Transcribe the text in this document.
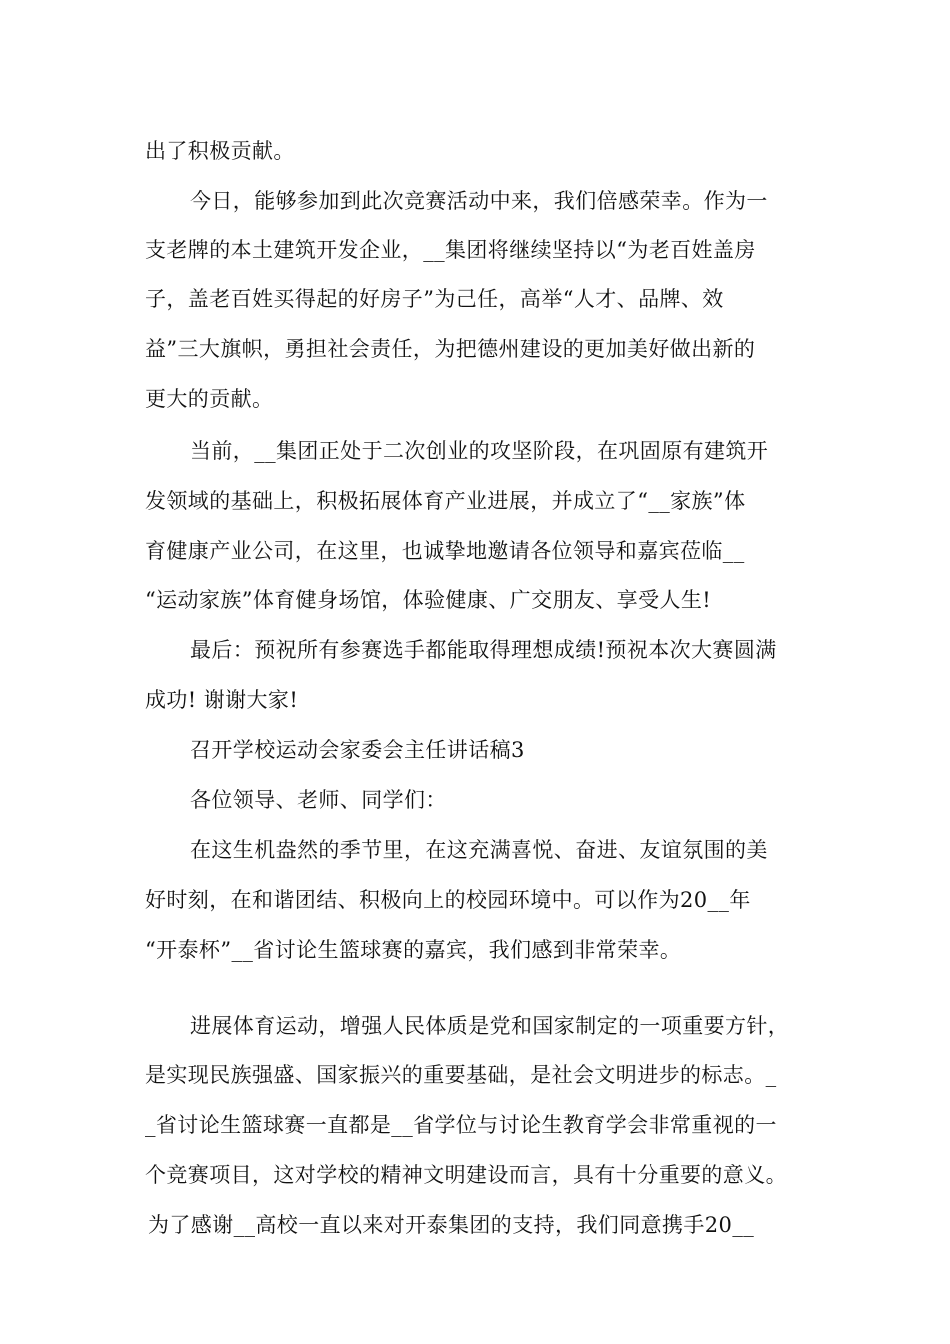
出了积极贡献。

今日，能够参加到此次竞赛活动中来，我们倍感荣幸。作为一

支老牌的本土建筑开发企业，__集团将继续坚持以“为老百姓盖房

子，盖老百姓买得起的好房子”为己任，高举“人才、品牌、效

益”三大旗帜，勇担社会责任，为把德州建设的更加美好做出新的

更大的贡献。

当前，__集团正处于二次创业的攻坚阶段，在巩固原有建筑开

发领域的基础上，积极拓展体育产业进展，并成立了“__家族”体

育健康产业公司，在这里，也诚挚地邀请各位领导和嘉宾莅临__

“运动家族”体育健身场馆，体验健康、广交朋友、享受人生!

最后：预祝所有参赛选手都能取得理想成绩!预祝本次大赛圆满

成功! 谢谢大家!

召开学校运动会家委会主任讲话稿3

各位领导、老师、同学们：

在这生机盎然的季节里，在这充满喜悦、奋进、友谊氛围的美

好时刻，在和谐团结、积极向上的校园环境中。可以作为20__年

“开泰杯”__省讨论生篮球赛的嘉宾，我们感到非常荣幸。

进展体育运动，增强人民体质是党和国家制定的一项重要方针，

是实现民族强盛、国家振兴的重要基础，是社会文明进步的标志。_

_省讨论生篮球赛一直都是__省学位与讨论生教育学会非常重视的一

个竞赛项目，这对学校的精神文明建设而言，具有十分重要的意义。

为了感谢__高校一直以来对开泰集团的支持，我们同意携手20__
